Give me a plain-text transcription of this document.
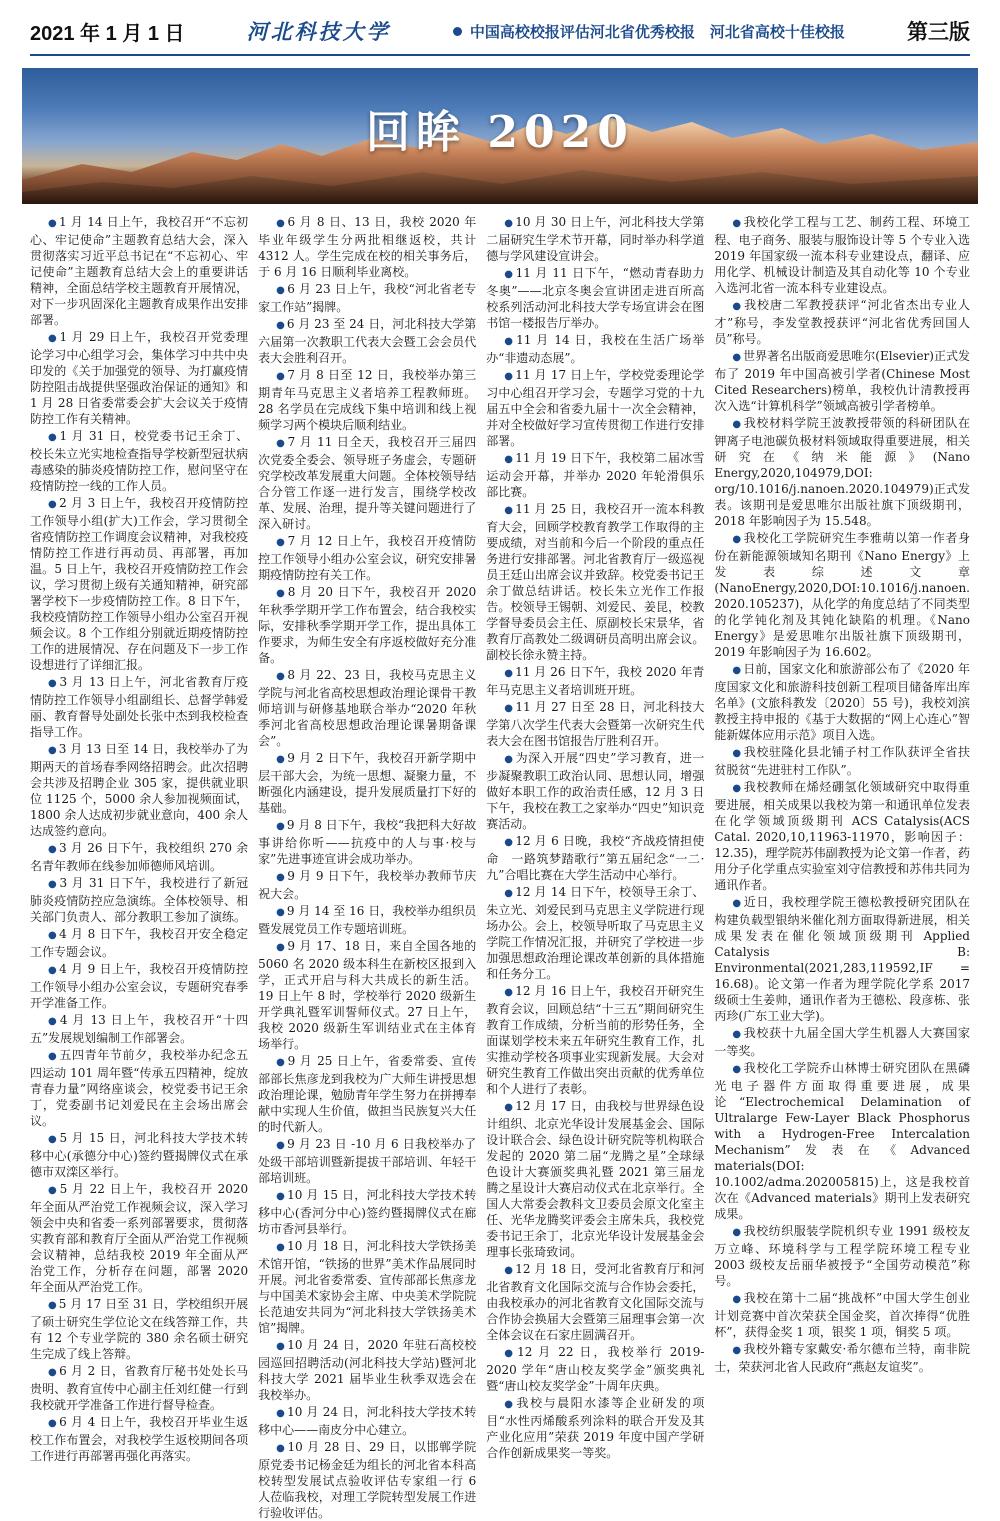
2021 年 1 月 1 日	河北科技大学	中国高校校报评估河北省优秀校报　河北省高校十佳校报	第三版
回眸 2020

● 1 月 14 日上午，我校召开“不忘初心、牢记使命”主题教育总结大会，深入贯彻落实习近平总书记在“不忘初心、牢记使命”主题教育总结大会上的重要讲话精神，全面总结学校主题教育开展情况，对下一步巩固深化主题教育成果作出安排部署。

● 1 月 29 日上午，我校召开党委理论学习中心组学习会，集体学习中共中央印发的《关于加强党的领导、为打赢疫情防控阻击战提供坚强政治保证的通知》和 1 月 28 日省委常委会扩大会议关于疫情防控工作有关精神。

● 1 月 31 日，校党委书记王余丁、校长朱立光实地检查指导学校新型冠状病毒感染的肺炎疫情防控工作，慰问坚守在疫情防控一线的工作人员。

● 2 月 3 日上午，我校召开疫情防控工作领导小组(扩大)工作会，学习贯彻全省疫情防控工作调度会议精神，对我校疫情防控工作进行再动员、再部署，再加温。5 日上午，我校召开疫情防控工作会议，学习贯彻上级有关通知精神，研究部署学校下一步疫情防控工作。8 日下午，我校疫情防控工作领导小组办公室召开视频会议。8 个工作组分别就近期疫情防控工作的进展情况、存在问题及下一步工作设想进行了详细汇报。

● 3 月 13 日上午，河北省教育厅疫情防控工作领导小组副组长、总督学韩爱丽、教育督导处副处长张中杰到我校检查指导工作。

● 3 月 13 日至 14 日，我校举办了为期两天的首场春季网络招聘会。此次招聘会共涉及招聘企业 305 家，提供就业职位 1125 个，5000 余人参加视频面试，1800 余人达成初步就业意向，400 余人达成签约意向。

● 3 月 26 日下午，我校组织 270 余名青年教师在线参加师德师风培训。

● 3 月 31 日下午，我校进行了新冠肺炎疫情防控应急演练。全体校领导、相关部门负责人、部分教职工参加了演练。

● 4 月 8 日下午，我校召开安全稳定工作专题会议。

● 4 月 9 日上午，我校召开疫情防控工作领导小组办公室会议，专题研究春季开学准备工作。

● 4 月 13 日上午，我校召开“十四五”发展规划编制工作部署会。

● 五四青年节前夕，我校举办纪念五四运动 101 周年暨“传承五四精神，绽放青春力量”网络座谈会，校党委书记王余丁，党委副书记刘爱民在主会场出席会议。

● 5 月 15 日，河北科技大学技术转移中心(承德分中心)签约暨揭牌仪式在承德市双滦区举行。

● 5 月 22 日上午，我校召开 2020 年全面从严治党工作视频会议，深入学习领会中央和省委一系列部署要求，贯彻落实教育部和教育厅全面从严治党工作视频会议精神，总结我校 2019 年全面从严治党工作，分析存在问题，部署 2020 年全面从严治党工作。

● 5 月 17 日至 31 日，学校组织开展了硕士研究生学位论文在线答辩工作，共有 12 个专业学院的 380 余名硕士研究生完成了线上答辩。

● 6 月 2 日，省教育厅秘书处处长马贵明、教育宣传中心副主任刘红健一行到我校就开学准备工作进行督导检查。

● 6 月 4 日上午，我校召开毕业生返校工作布置会，对我校学生返校期间各项工作进行再部署再强化再落实。

● 6 月 8 日、13 日，我校 2020 年毕业年级学生分两批相继返校，共计 4312 人。学生完成在校的相关事务后，于 6 月 16 日顺利毕业离校。

● 6 月 23 日上午，我校“河北省老专家工作站”揭牌。

● 6 月 23 至 24 日，河北科技大学第六届第一次教职工代表大会暨工会会员代表大会胜利召开。

● 7 月 8 日至 12 日，我校举办第三期青年马克思主义者培养工程教师班。28 名学员在完成线下集中培训和线上视频学习两个模块后顺利结业。

● 7 月 11 日全天，我校召开三届四次党委全委会、领导班子务虚会，专题研究学校改革发展重大问题。全体校领导结合分管工作逐一进行发言，围绕学校改革、发展、治理，提升等关键问题进行了深入研讨。

● 7 月 12 日上午，我校召开疫情防控工作领导小组办公室会议，研究安排暑期疫情防控有关工作。

● 8 月 20 日下午，我校召开 2020 年秋季学期开学工作布置会，结合我校实际，安排秋季学期开学工作，提出具体工作要求，为师生安全有序返校做好充分准备。

● 8 月 22、23 日，我校马克思主义学院与河北省高校思想政治理论课骨干教师培训与研修基地联合举办“2020 年秋季河北省高校思想政治理论课暑期备课会”。

● 9 月 2 日下午，我校召开新学期中层干部大会，为统一思想、凝聚力量，不断强化内涵建设，提升发展质量打下好的基础。

● 9 月 8 日下午，我校“我把科大好故事讲给你听——抗疫中的人与事·校与家”先进事迹宣讲会成功举办。

● 9 月 9 日下午，我校举办教师节庆祝大会。

● 9 月 14 至 16 日，我校举办组织员暨发展党员工作专题培训班。

● 9 月 17、18 日，来自全国各地的 5060 名 2020 级本科生在新校区报到入学，正式开启与科大共成长的新生活。19 日上午 8 时，学校举行 2020 级新生开学典礼暨军训誓师仪式。27 日上午，我校 2020 级新生军训结业式在主体育场举行。

● 9 月 25 日上午，省委常委、宣传部部长焦彦龙到我校为广大师生讲授思想政治理论课，勉励青年学生努力在拼搏奉献中实现人生价值，做担当民族复兴大任的时代新人。

● 9 月 23 日 -10 月 6 日我校举办了处级干部培训暨新提拔干部培训、年轻干部培训班。

● 10 月 15 日，河北科技大学技术转移中心(香河分中心)签约暨揭牌仪式在廊坊市香河县举行。

● 10 月 18 日，河北科技大学铁扬美术馆开馆，“铁扬的世界”美术作品展同时开展。河北省委常委、宣传部部长焦彦龙与中国美术家协会主席、中央美术学院院长范迪安共同为“河北科技大学铁扬美术馆”揭牌。

● 10 月 24 日，2020 年驻石高校校园巡回招聘活动(河北科技大学站)暨河北科技大学 2021 届毕业生秋季双选会在我校举办。

● 10 月 24 日，河北科技大学技术转移中心——南皮分中心建立。

● 10 月 28 日、29 日，以邯郸学院原党委书记杨金廷为组长的河北省本科高校转型发展试点验收评估专家组一行 6 人莅临我校，对理工学院转型发展工作进行验收评估。

● 10 月 30 日上午，河北科技大学第二届研究生学术节开幕，同时举办科学道德与学风建设宣讲会。

● 11 月 11 日下午，“燃动青春助力冬奥”——北京冬奥会宣讲团走进百所高校系列活动河北科技大学专场宣讲会在图书馆一楼报告厅举办。

● 11 月 14 日，我校在生活广场举办“非遗动态展”。

● 11 月 17 日上午，学校党委理论学习中心组召开学习会，专题学习党的十九届五中全会和省委九届十一次全会精神，并对全校做好学习宣传贯彻工作进行安排部署。

● 11 月 19 日下午，我校第二届冰雪运动会开幕，并举办 2020 年轮滑俱乐部比赛。

● 11 月 25 日，我校召开一流本科教育大会，回顾学校教育教学工作取得的主要成绩，对当前和今后一个阶段的重点任务进行安排部署。河北省教育厅一级巡视员王廷山出席会议并致辞。校党委书记王余丁做总结讲话。校长朱立光作工作报告。校领导王锡朝、刘爱民、姜昆，校教学督导委员会主任、原副校长宋景华，省教育厅高教处二级调研员高明出席会议。副校长徐永赞主持。

● 11 月 26 日下午，我校 2020 年青年马克思主义者培训班开班。

● 11 月 27 日至 28 日，河北科技大学第八次学生代表大会暨第一次研究生代表大会在图书馆报告厅胜利召开。

● 为深入开展“四史”学习教育，进一步凝聚教职工政治认同、思想认同，增强做好本职工作的政治责任感，12 月 3 日下午，我校在教工之家举办“四史”知识竞赛活动。

● 12 月 6 日晚，我校“齐战疫情担使命　一路筑梦踏歌行”第五届纪念“一二·九”合唱比赛在大学生活动中心举行。

● 12 月 14 日下午，校领导王余丁、朱立光、刘爱民到马克思主义学院进行现场办公。会上，校领导听取了马克思主义学院工作情况汇报，并研究了学校进一步加强思想政治理论课改革创新的具体措施和任务分工。

● 12 月 16 日上午，我校召开研究生教育会议，回顾总结“十三五”期间研究生教育工作成绩，分析当前的形势任务，全面谋划学校未来五年研究生教育工作，扎实推动学校各项事业实现新发展。大会对研究生教育工作做出突出贡献的优秀单位和个人进行了表彰。

● 12 月 17 日，由我校与世界绿色设计组织、北京光华设计发展基金会、国际设计联合会、绿色设计研究院等机构联合发起的 2020 第二届“龙腾之星”全球绿色设计大赛颁奖典礼暨 2021 第三届龙腾之星设计大赛启动仪式在北京举行。全国人大常委会教科文卫委员会原文化室主任、光华龙腾奖评委会主席朱兵，我校党委书记王余丁，北京光华设计发展基金会理事长张琦致词。

● 12 月 18 日，受河北省教育厅和河北省教育文化国际交流与合作协会委托，由我校承办的河北省教育文化国际交流与合作协会换届大会暨第三届理事会第一次全体会议在石家庄圆满召开。

● 12 月 22 日，我校举行 2019-2020 学年“唐山校友奖学金”颁奖典礼暨“唐山校友奖学金”十周年庆典。

● 我校与晨阳水漆等企业研发的项目“水性丙烯酸系列涂料的联合开发及其产业化应用”荣获 2019 年度中国产学研合作创新成果奖一等奖。

● 我校化学工程与工艺、制药工程、环境工程、电子商务、服装与服饰设计等 5 个专业入选 2019 年国家级一流本科专业建设点，翻译、应用化学、机械设计制造及其自动化等 10 个专业入选河北省一流本科专业建设点。

● 我校唐二军教授获评“河北省杰出专业人才”称号，李发堂教授获评“河北省优秀回国人员”称号。

● 世界著名出版商爱思唯尔(Elsevier)正式发布了 2019 年中国高被引学者(Chinese Most Cited Researchers)榜单，我校仇计清教授再次入选“计算机科学”领域高被引学者榜单。

● 我校材料学院王波教授带领的科研团队在钾离子电池碳负极材料领域取得重要进展，相关研究在《纳米能源》(Nano Energy,2020,104979,DOI: org/10.1016/j.nanoen.2020.104979)正式发表。该期刊是爱思唯尔出版社旗下顶级期刊，2018 年影响因子为 15.548。

● 我校化工学院研究生李雅萌以第一作者身份在新能源领域知名期刊《Nano Energy》上发表综述文章(NanoEnergy,2020,DOI:10.1016/j.nanoen. 2020.105237)，从化学的角度总结了不同类型的化学钝化剂及其钝化缺陷的机理。《Nano Energy》是爱思唯尔出版社旗下顶级期刊，2019 年影响因子为 16.602。

● 日前，国家文化和旅游部公布了《2020 年度国家文化和旅游科技创新工程项目储备库出库名单》(文旅科教发〔2020〕55 号)，我校刘滨教授主持申报的《基于大数据的“网上心连心”智能新媒体应用示范》项目入选。

● 我校驻隆化县北铺子村工作队获评全省扶贫脱贫“先进驻村工作队”。

● 我校教师在烯烃硼氢化领域研究中取得重要进展，相关成果以我校为第一和通讯单位发表在化学领域顶级期刊 ACS Catalysis(ACS Catal. 2020,10,11963-11970，影响因子：12.35)，理学院苏伟副教授为论文第一作者，药用分子化学重点实验室刘守信教授和苏伟共同为通讯作者。

● 近日，我校理学院王德松教授研究团队在构建负载型银纳米催化剂方面取得新进展，相关成果发表在催化领域顶级期刊 Applied Catalysis B: Environmental(2021,283,119592,IF = 16.68)。论文第一作者为理学院化学系 2017 级硕士生姜帅，通讯作者为王德松、段彦栋、张丙珍(广东工业大学)。

● 我校获十九届全国大学生机器人大赛国家一等奖。

● 我校化工学院乔山林博士研究团队在黑磷光电子器件方面取得重要进展，成果论“Electrochemical Delamination of Ultralarge Few-Layer Black Phosphorus with a Hydrogen-Free Intercalation Mechanism”发表在《Advanced materials(DOI: 10.1002/adma.202005815)上，这是我校首次在《Advanced materials》期刊上发表研究成果。

● 我校纺织服装学院机织专业 1991 级校友万立峰、环境科学与工程学院环境工程专业 2003 级校友岳丽华被授予“全国劳动模范”称号。

● 我校在第十二届“挑战杯”中国大学生创业计划竞赛中首次荣获全国金奖，首次捧得“优胜杯”，获得金奖 1 项，银奖 1 项，铜奖 5 项。

● 我校外籍专家戴安·希尔德布兰特，南非院士，荣获河北省人民政府“燕赵友谊奖”。
